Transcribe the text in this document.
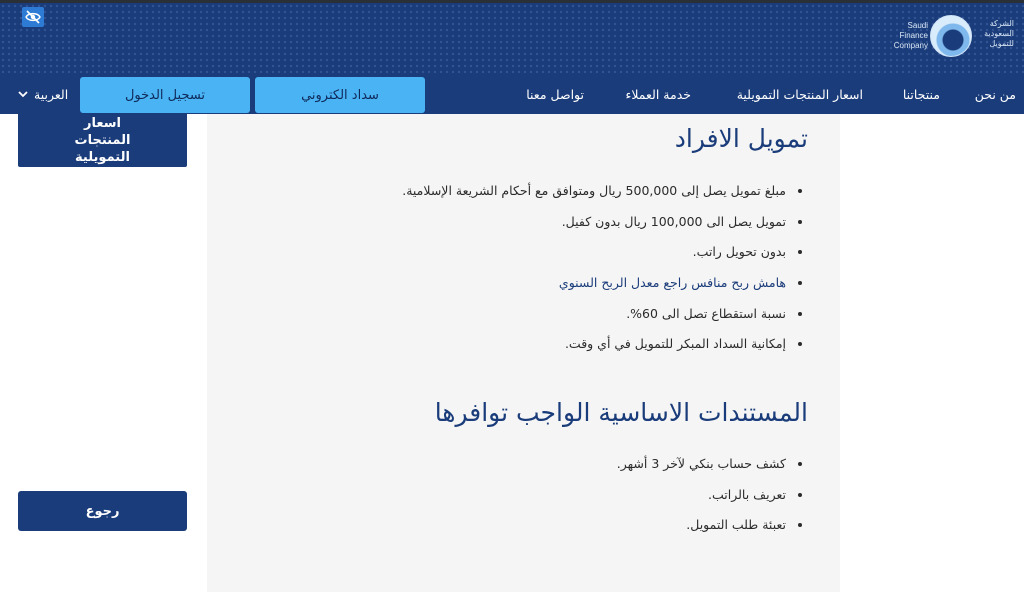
Saudi
Finance
Company
الشركة
السعودية
للتمويل
من نحن
منتجاتنا
اسعار المنتجات التمويلية
خدمة العملاء
تواصل معنا
سداد الكتروني
تسجيل الدخول
العربية
تمويل الافراد
مبلغ تمويل يصل إلى 500,000 ريال ومتوافق مع أحكام الشريعة الإسلامية.
تمويل يصل الى 100,000 ريال بدون كفيل.
بدون تحويل راتب.
هامش ربح منافس راجع معدل الربح السنوي
نسبة استقطاع تصل الى 60%.
إمكانية السداد المبكر للتمويل في أي وقت.
المستندات الاساسية الواجب توافرها
كشف حساب بنكي لآخر 3 أشهر.
تعريف بالراتب.
تعبئة طلب التمويل.
اسعار المنتجات التمويلية
رجوع
